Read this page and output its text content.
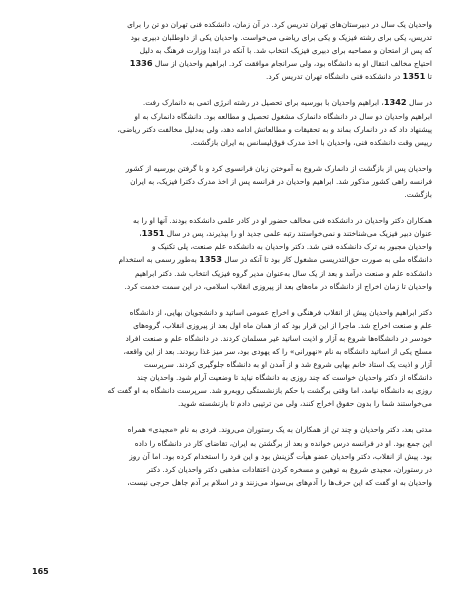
واحدیان یک سال در دبیرستان‌های تهران تدریس کرد. در آن زمان، دانشکده فنی تهران دو تن را برای
تدریس، یکی برای رشته فیزیک و یکی برای ریاضی می‌خواست. واحدیان یکی از داوطلبان دبیری بود
که پس از امتحان و مصاحبه برای دبیری فیزیک انتخاب شد. با آنکه در ابتدا وزارت فرهنگ به دلیل
احتیاج مخالف انتقال او به دانشگاه بود، ولی سرانجام موافقت کرد. ابراهیم واحدیان از سال 1336
تا 1351 در دانشکده فنی دانشگاه تهران تدریس کرد.
در سال 1342، ابراهیم واحدیان با بورسیه برای تحصیل در رشته انرژی اتمی به دانمارک رفت.
ابراهیم واحدیان دو سال در دانشگاه دانمارک مشغول تحصیل و مطالعه بود. دانشگاه دانمارک به او
پیشنهاد داد که در دانمارک بماند و به تحقیقات و مطالعاتش ادامه دهد، ولی به‌دلیل مخالفت دکتر ریاضی،
رییس وقت دانشکده فنی، واحدیان با اخذ مدرک فوق‌لیسانس به ایران بازگشت.
واحدیان پس از بازگشت از دانمارک شروع به آموختن زبان فرانسوی کرد و با گرفتن بورسیه از کشور
فرانسه راهی کشور مذکور شد. ابراهیم واحدیان در فرانسه پس از اخذ مدرک دکترا فیزیک، به ایران
بازگشت.
همکاران دکتر واحدیان در دانشکده فنی مخالف حضور او در کادر علمی دانشکده بودند. آنها او را به
عنوان دبیر فیزیک می‌شناختند و نمی‌خواستند رتبه علمی جدید او را بپذیرند، پس در سال 1351،
واحدیان مجبور به ترک دانشکده فنی شد. دکتر واحدیان به دانشکده علم صنعت، پلی تکنیک و
دانشگاه ملی به صورت حق‌التدریسی مشغول کار بود تا آنکه در سال 1353 به‌طور رسمی به استخدام
دانشکده علم و صنعت درآمد و بعد از یک سال به‌عنوان مدیر گروه فیزیک انتخاب شد. دکتر ابراهیم
واحدیان تا زمان اخراج از دانشگاه در ماه‌های بعد از پیروزی انقلاب اسلامی، در این سمت خدمت کرد.
دکتر ابراهیم واحدیان پیش از انقلاب فرهنگی و اخراج عمومی اساتید و دانشجویان بهایی، از دانشگاه
علم و صنعت اخراج شد. ماجرا از این قرار بود که از همان ماه اول بعد از پیروزی انقلاب، گروه‌های
خودسر در دانشگاه‌ها شروع به آزار و اذیت اساتید غیر مسلمان کردند. در دانشگاه علم و صنعت افراد
مسلح یکی از اساتید دانشگاه به نام «نهورانی» را که یهودی بود، سر میز غذا ربودند. بعد از این واقعه،
آزار و اذیت یک استاد خانم بهایی شروع شد و از آمدن او به دانشگاه جلوگیری کردند. سرپرست
دانشگاه از دکتر واحدیان خواست که چند روزی به دانشگاه نیاید تا وضعیت آرام شود. واحدیان چند
روزی به دانشگاه نیامد، اما وقتی برگشت با حکم بازنشستگی روبه‌رو شد. سرپرست دانشگاه به او گفت که
می‌خواستند شما را بدون حقوق اخراج کنند، ولی من ترتیبی دادم تا بازنشسته شوید.
مدتی بعد، دکتر واحدیان و چند تن از همکاران به یک رستوران می‌روند. فردی به نام «مجیدی» همراه
این جمع بود. او در فرانسه درس خوانده و بعد از برگشتن به ایران، تقاضای کار در دانشگاه را داده
بود. پیش از انقلاب، دکتر واحدیان عضو هیأت گزینش بود و این فرد را استخدام کرده بود. اما آن روز
در رستوران، مجیدی شروع به توهین و مسخره کردن اعتقادات مذهبی دکتر واحدیان کرد. دکتر
واحدیان به او گفت که این حرف‌ها را آدم‌های بی‌سواد می‌زنند و در اسلام بر آدم جاهل حرجی نیست،
165
